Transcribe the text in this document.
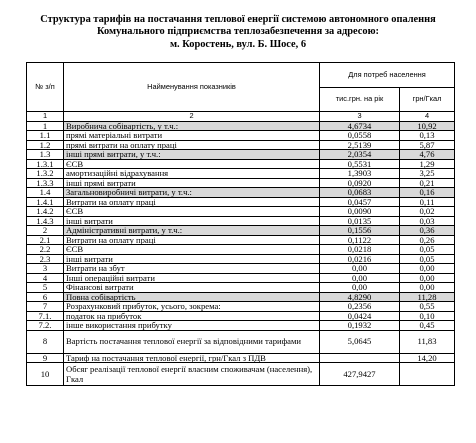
Структура тарифів на постачання теплової енергії системою автономного опалення
Комунального підприємства теплозабезпечення за адресою:
м. Коростень, вул. Б. Шосе, 6
№ з/п	Найменування показників	Для потреб населення	
		тис.грн. на рік	грн/Гкал
1	2	3	4
1	Виробнича собівартість, у т.ч.:	4,6734	10,92
1.1	прямі матеріальні витрати	0,0558	0,13
1.2	прямі витрати на оплату праці	2,5139	5,87
1.3	інші прямі витрати, у т.ч.:	2,0354	4,76
1.3.1	ЄСВ	0,5531	1,29
1.3.2	амортизаційні відрахування	1,3903	3,25
1.3.3	інші прямі витрати	0,0920	0,21
1.4	Загальновиробничі витрати, у т.ч.:	0,0683	0,16
1.4.1	Витрати на оплату праці	0,0457	0,11
1.4.2	ЄСВ	0,0090	0,02
1.4.3	інші витрати	0,0135	0,03
2	Адміністративні витрати, у т.ч.:	0,1556	0,36
2.1	Витрати на оплату праці	0,1122	0,26
2.2	ЄСВ	0,0218	0,05
2.3	інші витрати	0,0216	0,05
3	Витрати на збут	0,00	0,00
4	Інші операційні витрати	0,00	0,00
5	Фінансові витрати	0,00	0,00
6	Повна собівартість	4,8290	11,28
7	Розрахунковий прибуток, усього, зокрема:	0,2356	0,55
7.1.	податок на прибуток	0,0424	0,10
7.2.	інше використання прибутку	0,1932	0,45
8	Вартість постачання теплової енергії за відповідними тарифами	5,0645	11,83
9	Тариф на постачання теплової енергії, грн/Гкал з ПДВ		14,20
10	Обсяг реалізації теплової енергії власним споживачам (населення), Гкал	427,9427	
